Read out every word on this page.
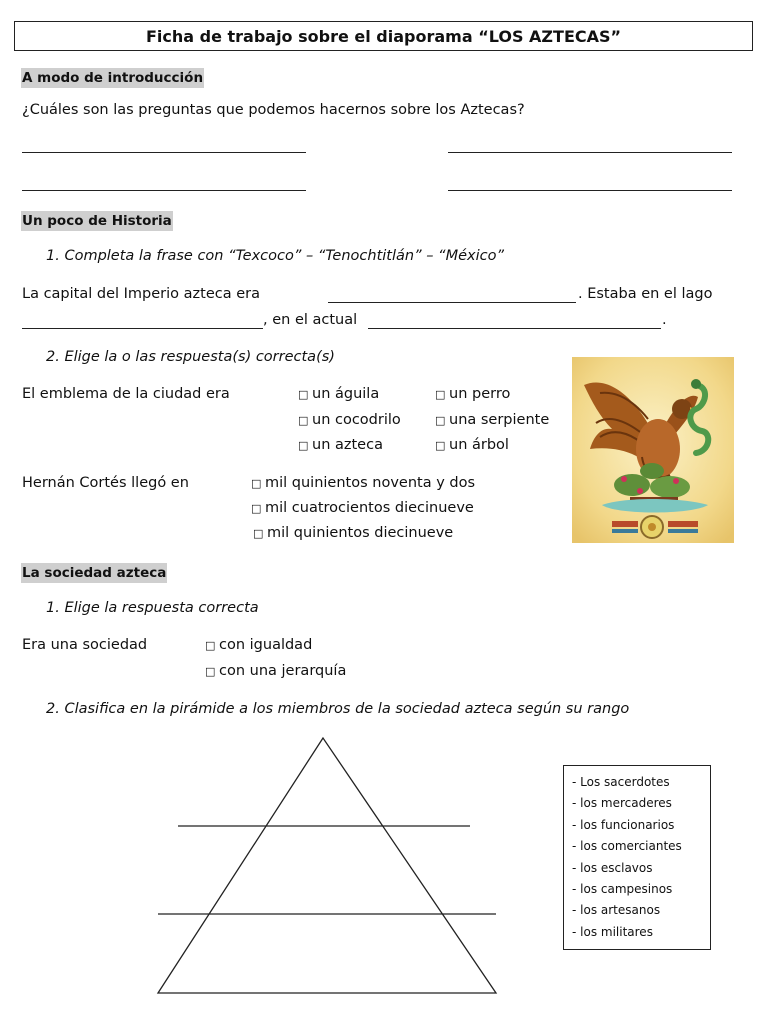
Ficha de trabajo sobre el diaporama “LOS AZTECAS”
A modo de introducción
¿Cuáles son las preguntas que podemos hacernos sobre los Aztecas?
Un poco de Historia
1. Completa la frase con “Texcoco” – “Tenochtitlán” – “México”
La capital del Imperio azteca era	. Estaba en el lago
, en el actual	.
2. Elige la o las respuesta(s) correcta(s)
El emblema de la ciudad era	□ un águila	□ un perro
□ un cocodrilo	□ una serpiente
□ un azteca	□ un árbol
Hernán Cortés llegó en	□ mil quinientos noventa y dos
□ mil cuatrocientos diecinueve
□ mil quinientos diecinueve
La sociedad azteca
1. Elige la respuesta correcta
Era una sociedad	□ con igualdad
□ con una jerarquía
2. Clasifica en la pirámide a los miembros de la sociedad azteca según su rango
- Los sacerdotes
- los mercaderes
- los funcionarios
- los comerciantes
- los esclavos
- los campesinos
- los artesanos
- los militares
